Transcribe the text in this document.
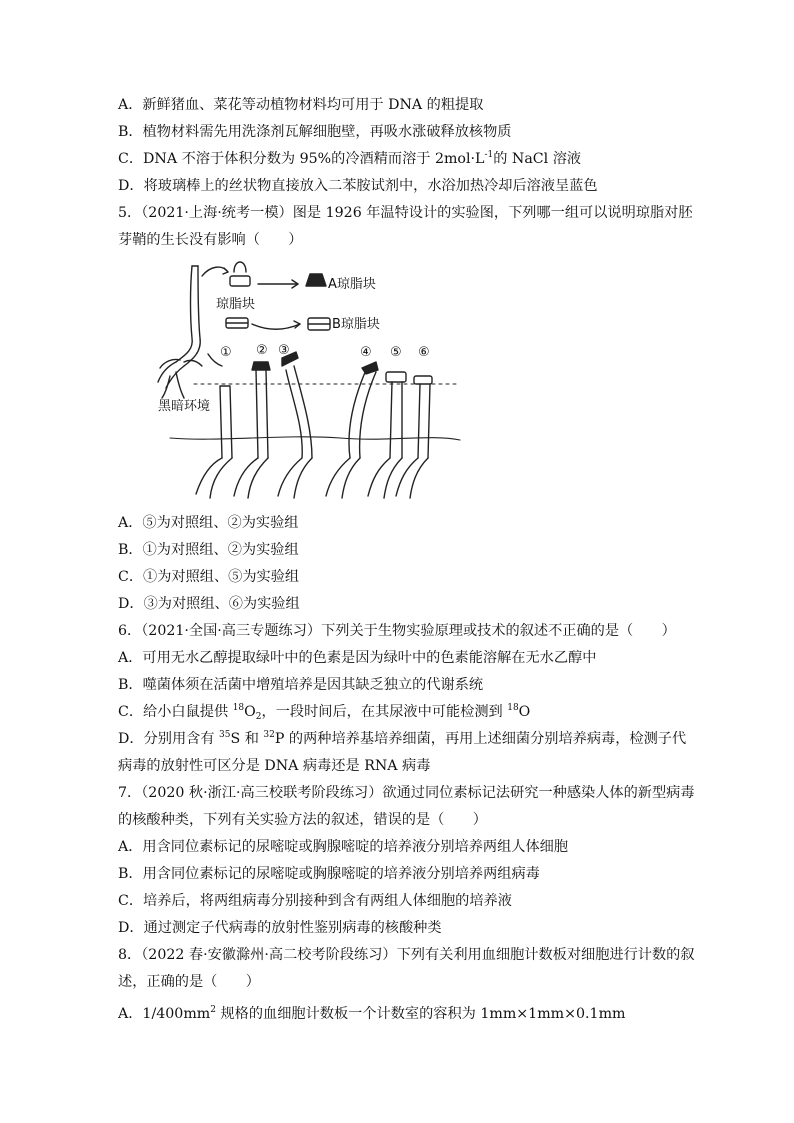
A．新鲜猪血、菜花等动植物材料均可用于 DNA 的粗提取
B．植物材料需先用洗涤剂瓦解细胞壁，再吸水涨破释放核物质
C．DNA 不溶于体积分数为 95%的冷酒精而溶于 $2mol\cdot L^{-1}$的 NaCl 溶液
D．将玻璃棒上的丝状物直接放入二苯胺试剂中，水浴加热冷却后溶液呈蓝色
5．（2021·上海·统考一模）图是 1926 年温特设计的实验图，下列哪一组可以说明琼脂对胚
芽鞘的生长没有影响（　　）
琼脂块
A琼脂块
B琼脂块
黑暗环境
① ② ③	④ ⑤ ⑥
A．⑤为对照组、②为实验组
B．①为对照组、②为实验组
C．①为对照组、⑤为实验组
D．③为对照组、⑥为实验组
6．（2021·全国·高三专题练习）下列关于生物实验原理或技术的叙述不正确的是（　　）
A．可用无水乙醇提取绿叶中的色素是因为绿叶中的色素能溶解在无水乙醇中
B．噬菌体须在活菌中增殖培养是因其缺乏独立的代谢系统
C．给小白鼠提供 $^{18}O_2$，一段时间后，在其尿液中可能检测到 $^{18}$O
D．分别用含有 $^{35}$S 和 $^{32}$P 的两种培养基培养细菌，再用上述细菌分别培养病毒，检测子代
病毒的放射性可区分是 DNA 病毒还是 RNA 病毒
7．（2020 秋·浙江·高三校联考阶段练习）欲通过同位素标记法研究一种感染人体的新型病毒
的核酸种类，下列有关实验方法的叙述，错误的是（　　）
A．用含同位素标记的尿嘧啶或胸腺嘧啶的培养液分别培养两组人体细胞
B．用含同位素标记的尿嘧啶或胸腺嘧啶的培养液分别培养两组病毒
C．培养后，将两组病毒分别接种到含有两组人体细胞的培养液
D．通过测定子代病毒的放射性鉴别病毒的核酸种类
8．（2022 春·安徽滁州·高二校考阶段练习）下列有关利用血细胞计数板对细胞进行计数的叙
述，正确的是（　　）
A．$1/400mm^2$ 规格的血细胞计数板一个计数室的容积为 1mm×1mm×0.1mm
